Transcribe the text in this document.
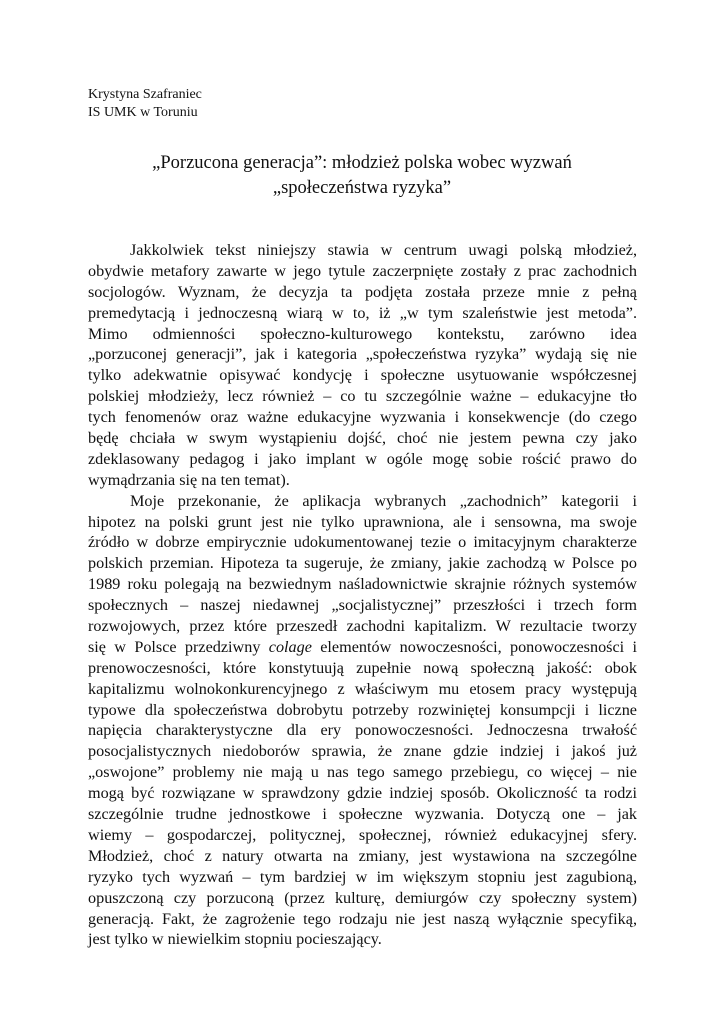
Krystyna Szafraniec
IS UMK w Toruniu
„Porzucona generacja”: młodzież polska wobec wyzwań
„społeczeństwa ryzyka”
Jakkolwiek tekst niniejszy stawia w centrum uwagi polską młodzież,
obydwie metafory zawarte w jego tytule zaczerpnięte zostały z prac zachodnich
socjologów. Wyznam, że decyzja ta podjęta została przeze mnie z pełną
premedytacją i jednoczesną wiarą w to, iż „w tym szaleństwie jest metoda”.
Mimo odmienności społeczno-kulturowego kontekstu, zarówno idea
„porzuconej generacji”, jak i kategoria „społeczeństwa ryzyka” wydają się nie
tylko adekwatnie opisywać kondycję i społeczne usytuowanie współczesnej
polskiej młodzieży, lecz również – co tu szczególnie ważne – edukacyjne tło
tych fenomenów oraz ważne edukacyjne wyzwania i konsekwencje (do czego
będę chciała w swym wystąpieniu dojść, choć nie jestem pewna czy jako
zdeklasowany pedagog i jako implant w ogóle mogę sobie rościć prawo do
wymądrzania się na ten temat).
Moje przekonanie, że aplikacja wybranych „zachodnich” kategorii i
hipotez na polski grunt jest nie tylko uprawniona, ale i sensowna, ma swoje
źródło w dobrze empirycznie udokumentowanej tezie o imitacyjnym charakterze
polskich przemian. Hipoteza ta sugeruje, że zmiany, jakie zachodzą w Polsce po
1989 roku polegają na bezwiednym naśladownictwie skrajnie różnych systemów
społecznych – naszej niedawnej „socjalistycznej” przeszłości i trzech form
rozwojowych, przez które przeszedł zachodni kapitalizm. W rezultacie tworzy
się w Polsce przedziwny colage elementów nowoczesności, ponowoczesności i
prenowoczesności, które konstytuują zupełnie nową społeczną jakość: obok
kapitalizmu wolnokonkurencyjnego z właściwym mu etosem pracy występują
typowe dla społeczeństwa dobrobytu potrzeby rozwiniętej konsumpcji i liczne
napięcia charakterystyczne dla ery ponowoczesności. Jednoczesna trwałość
posocjalistycznych niedoborów sprawia, że znane gdzie indziej i jakoś już
„oswojone” problemy nie mają u nas tego samego przebiegu, co więcej – nie
mogą być rozwiązane w sprawdzony gdzie indziej sposób. Okoliczność ta rodzi
szczególnie trudne jednostkowe i społeczne wyzwania. Dotyczą one – jak
wiemy – gospodarczej, politycznej, społecznej, również edukacyjnej sfery.
Młodzież, choć z natury otwarta na zmiany, jest wystawiona na szczególne
ryzyko tych wyzwań – tym bardziej w im większym stopniu jest zagubioną,
opuszczoną czy porzuconą (przez kulturę, demiurgów czy społeczny system)
generacją. Fakt, że zagrożenie tego rodzaju nie jest naszą wyłącznie specyfiką,
jest tylko w niewielkim stopniu pocieszający.
